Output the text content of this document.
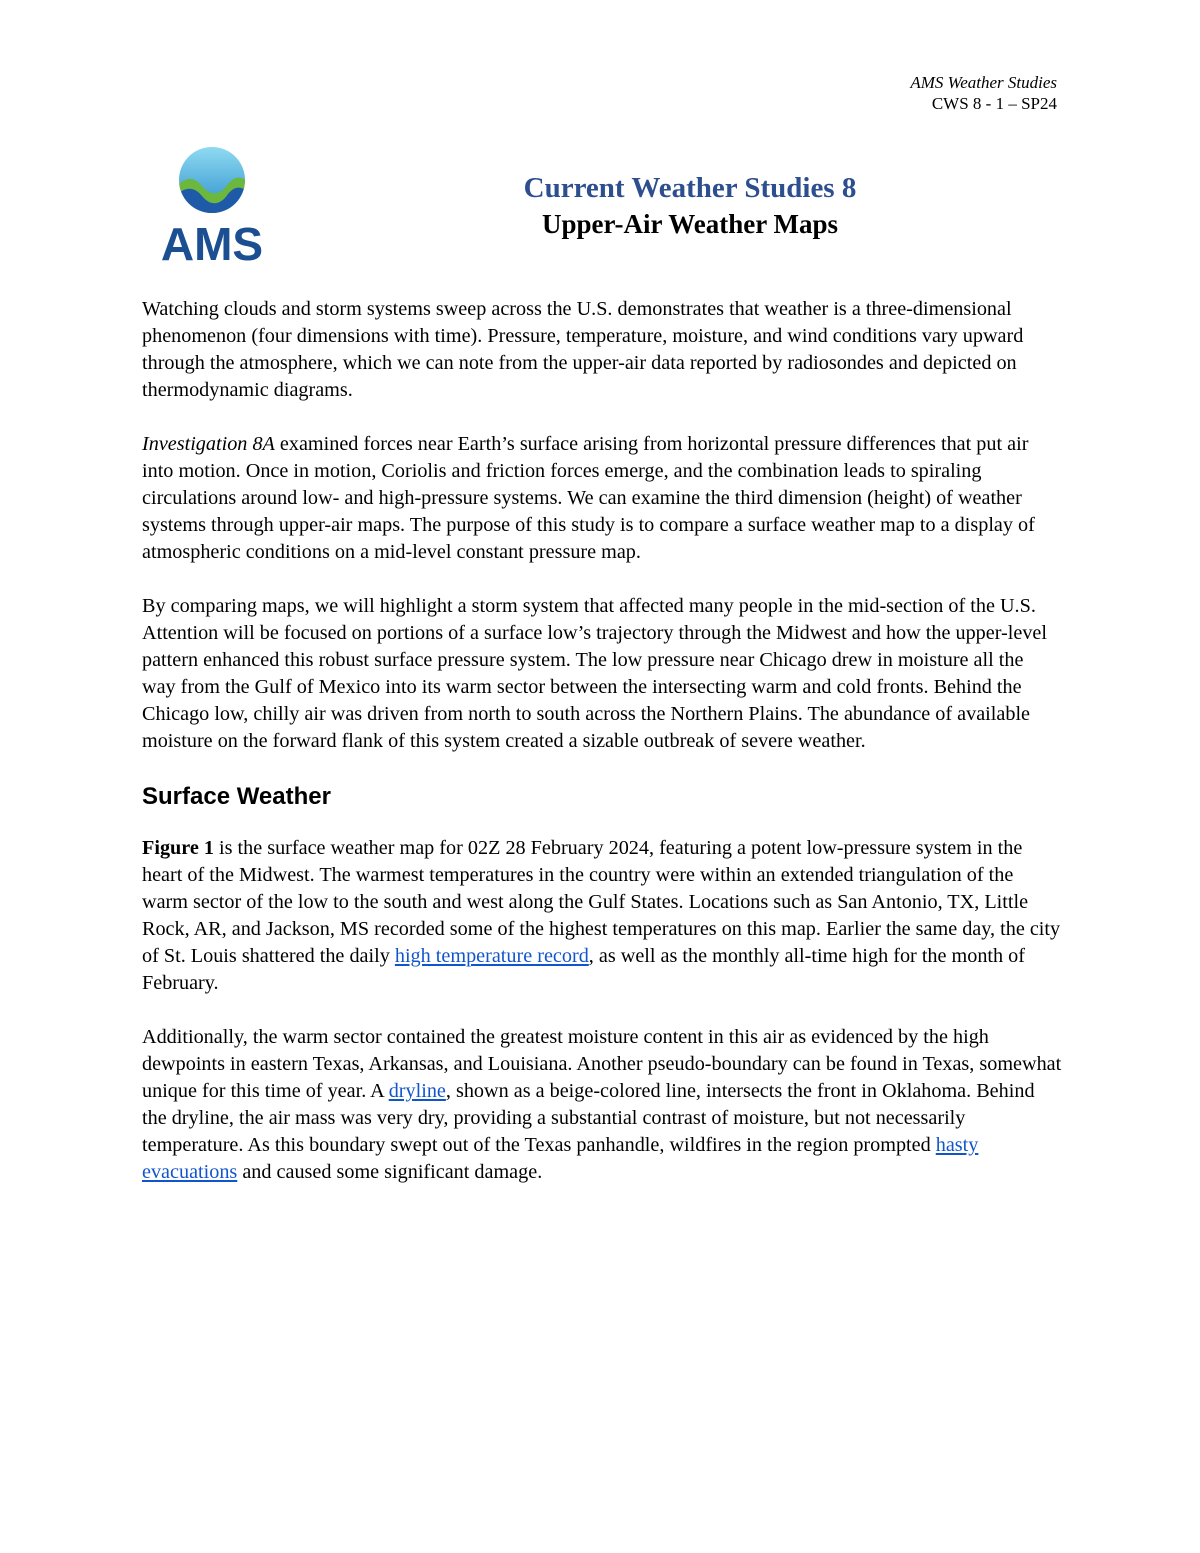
AMS Weather Studies
CWS 8 - 1 – SP24
AMS
Current Weather Studies 8
Upper-Air Weather Maps

Watching clouds and storm systems sweep across the U.S. demonstrates that weather is a three-dimensional phenomenon (four dimensions with time). Pressure, temperature, moisture, and wind conditions vary upward through the atmosphere, which we can note from the upper-air data reported by radiosondes and depicted on thermodynamic diagrams.

Investigation 8A examined forces near Earth’s surface arising from horizontal pressure differences that put air into motion. Once in motion, Coriolis and friction forces emerge, and the combination leads to spiraling circulations around low- and high-pressure systems. We can examine the third dimension (height) of weather systems through upper-air maps. The purpose of this study is to compare a surface weather map to a display of atmospheric conditions on a mid-level constant pressure map.

By comparing maps, we will highlight a storm system that affected many people in the mid-section of the U.S. Attention will be focused on portions of a surface low’s trajectory through the Midwest and how the upper-level pattern enhanced this robust surface pressure system. The low pressure near Chicago drew in moisture all the way from the Gulf of Mexico into its warm sector between the intersecting warm and cold fronts. Behind the Chicago low, chilly air was driven from north to south across the Northern Plains. The abundance of available moisture on the forward flank of this system created a sizable outbreak of severe weather.

Surface Weather

Figure 1 is the surface weather map for 02Z 28 February 2024, featuring a potent low-pressure system in the heart of the Midwest. The warmest temperatures in the country were within an extended triangulation of the warm sector of the low to the south and west along the Gulf States. Locations such as San Antonio, TX, Little Rock, AR, and Jackson, MS recorded some of the highest temperatures on this map. Earlier the same day, the city of St. Louis shattered the daily high temperature record, as well as the monthly all-time high for the month of February.

Additionally, the warm sector contained the greatest moisture content in this air as evidenced by the high dewpoints in eastern Texas, Arkansas, and Louisiana. Another pseudo-boundary can be found in Texas, somewhat unique for this time of year. A dryline, shown as a beige-colored line, intersects the front in Oklahoma. Behind the dryline, the air mass was very dry, providing a substantial contrast of moisture, but not necessarily temperature. As this boundary swept out of the Texas panhandle, wildfires in the region prompted hasty evacuations and caused some significant damage.
